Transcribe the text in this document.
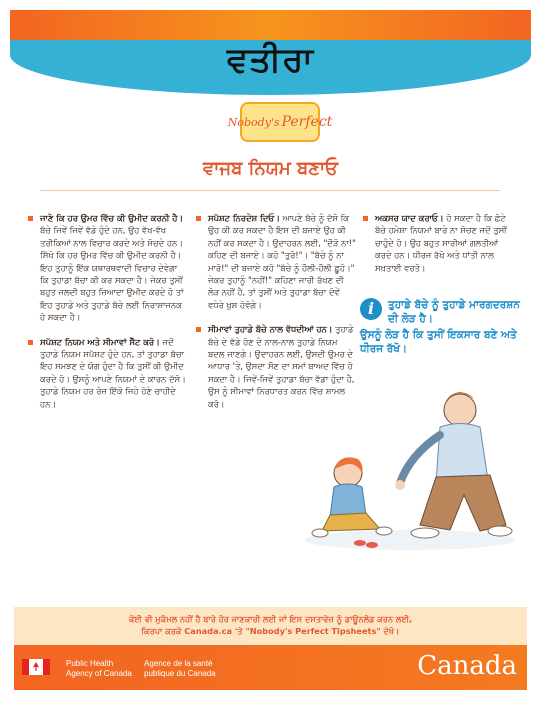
ਵਤੀਰਾ
Nobody's Perfect
ਵਾਜਬ ਨਿਯਮ ਬਣਾਓ
ਜਾਣੋ ਕਿ ਹਰ ਉਮਰ ਵਿੱਚ ਕੀ ਉਮੀਦ ਕਰਨੀ ਹੈ। ਬੱਚੇ ਜਿਵੇਂ ਜਿਵੇਂ ਵੱਡੇ ਹੁੰਦੇ ਹਨ, ਉਹ ਵੱਖ-ਵੱਖ ਤਰੀਕਿਆਂ ਨਾਲ ਵਿਚਾਰ ਕਰਦੇ ਅਤੇ ਸੋਚਦੇ ਹਨ। ਸਿੱਖੋ ਕਿ ਹਰ ਉਮਰ ਵਿੱਚ ਕੀ ਉਮੀਦ ਕਰਨੀ ਹੈ। ਇਹ ਤੁਹਾਨੂੰ ਇੱਕ ਯਥਾਰਥਵਾਦੀ ਵਿਚਾਰ ਦੇਵੇਗਾ ਕਿ ਤੁਹਾਡਾ ਬੱਚਾ ਕੀ ਕਰ ਸਕਦਾ ਹੈ। ਜੇਕਰ ਤੁਸੀਂ ਬਹੁਤ ਜਲਦੀ ਬਹੁਤ ਜ਼ਿਆਦਾ ਉਮੀਦ ਕਰਦੇ ਹੋ ਤਾਂ ਇਹ ਤੁਹਾਡੇ ਅਤੇ ਤੁਹਾਡੇ ਬੱਚੇ ਲਈ ਨਿਰਾਸ਼ਾਜਨਕ ਹੋ ਸਕਦਾ ਹੈ।
ਸਪੱਸ਼ਟ ਨਿਯਮ ਅਤੇ ਸੀਮਾਵਾਂ ਸੈੱਟ ਕਰੋ। ਜਦੋਂ ਤੁਹਾਡੇ ਨਿਯਮ ਸਪੱਸ਼ਟ ਹੁੰਦੇ ਹਨ, ਤਾਂ ਤੁਹਾਡਾ ਬੱਚਾ ਇਹ ਸਮਝਣ ਦੇ ਯੋਗ ਹੁੰਦਾ ਹੈ ਕਿ ਤੁਸੀਂ ਕੀ ਉਮੀਦ ਕਰਦੇ ਹੋ। ਉਸਨੂੰ ਆਪਣੇ ਨਿਯਮਾਂ ਦੇ ਕਾਰਨ ਦੱਸੋ। ਤੁਹਾਡੇ ਨਿਯਮ ਹਰ ਰੋਜ਼ ਇੱਕੋ ਜਿਹੇ ਹੋਣੇ ਚਾਹੀਦੇ ਹਨ।
ਸਪੱਸ਼ਟ ਨਿਰਦੇਸ਼ ਦਿਓ। ਆਪਣੇ ਬੱਚੇ ਨੂੰ ਦੱਸੋ ਕਿ ਉਹ ਕੀ ਕਰ ਸਕਦਾ ਹੈ ਇਸ ਦੀ ਬਜਾਏ ਉਹ ਕੀ ਨਹੀਂ ਕਰ ਸਕਦਾ ਹੈ। ਉਦਾਹਰਨ ਲਈ, "ਦੌੜੋ ਨਾ!" ਕਹਿਣ ਦੀ ਬਜਾਏ। ਕਹੋ "ਤੁਰੋ!"। "ਬੱਚੇ ਨੂੰ ਨਾ ਮਾਰੋ!" ਦੀ ਬਜਾਏ ਕਹੋ "ਬੱਚੇ ਨੂੰ ਹੌਲੀ-ਹੌਲੀ ਛੂਹੋ।" ਜੇਕਰ ਤੁਹਾਨੂੰ "ਨਹੀਂ!" ਕਹਿਣਾ ਜਾਰੀ ਰੱਖਣ ਦੀ ਲੋੜ ਨਹੀਂ ਹੈ, ਤਾਂ ਤੁਸੀਂ ਅਤੇ ਤੁਹਾਡਾ ਬੱਚਾ ਦੋਵੇਂ ਵਧੇਰੇ ਖੁਸ਼ ਹੋਵੋਗੇ।
ਸੀਮਾਵਾਂ ਤੁਹਾਡੇ ਬੱਚੇ ਨਾਲ ਵੱਧਦੀਆਂ ਹਨ। ਤੁਹਾਡੇ ਬੱਚੇ ਦੇ ਵੱਡੇ ਹੋਣ ਦੇ ਨਾਲ-ਨਾਲ ਤੁਹਾਡੇ ਨਿਯਮ ਬਦਲ ਜਾਣਗੇ। ਉਦਾਹਰਨ ਲਈ, ਉਸਦੀ ਉਮਰ ਦੇ ਆਧਾਰ 'ਤੇ, ਉਸਦਾ ਸੌਣ ਦਾ ਸਮਾਂ ਬਾਅਦ ਵਿੱਚ ਹੋ ਸਕਦਾ ਹੈ। ਜਿਵੇਂ-ਜਿਵੇਂ ਤੁਹਾਡਾ ਬੱਚਾ ਵੱਡਾ ਹੁੰਦਾ ਹੈ, ਉਸ ਨੂੰ ਸੀਮਾਵਾਂ ਨਿਰਧਾਰਤ ਕਰਨ ਵਿੱਚ ਸ਼ਾਮਲ ਕਰੋ।
ਅਕਸਰ ਯਾਦ ਕਰਾਓ। ਹੋ ਸਕਦਾ ਹੈ ਕਿ ਛੋਟੇ ਬੱਚੇ ਹਮੇਸ਼ਾ ਨਿਯਮਾਂ ਬਾਰੇ ਨਾ ਸੋਚਣ ਜਦੋਂ ਤੁਸੀਂ ਚਾਹੁੰਦੇ ਹੋ। ਉਹ ਬਹੁਤ ਸਾਰੀਆਂ ਗਲਤੀਆਂ ਕਰਦੇ ਹਨ। ਧੀਰਜ ਰੱਖੋ ਅਤੇ ਧਾਂਤੀ ਨਾਲ ਸਖ਼ਤਾਈ ਵਰਤੋ।
i	ਤੁਹਾਡੇ ਬੱਚੇ ਨੂੰ ਤੁਹਾਡੇ ਮਾਰਗਦਰਸ਼ਨ ਦੀ ਲੋੜ ਹੈ।
ਉਸਨੂੰ ਲੋੜ ਹੈ ਕਿ ਤੁਸੀਂ ਇਕਸਾਰ ਬਣੇ ਅਤੇ ਧੀਰਜ ਰੱਖੋ।
ਕੋਈ ਵੀ ਮੁਕੰਮਲ ਨਹੀਂ ਹੈ ਬਾਰੇ ਹੋਰ ਜਾਣਕਾਰੀ ਲਈ ਜਾਂ ਇਸ ਦਸਤਾਵੇਜ਼ ਨੂੰ ਡਾਊਨਲੋਡ ਕਰਨ ਲਈ,
ਕਿਰਪਾ ਕਰਕੇ Canada.ca 'ਤੇ "Nobody's Perfect Tipsheets" ਦੇਖੋ।
Public Health
Agency of Canada
Agence de la santé
publique du Canada	Canada
